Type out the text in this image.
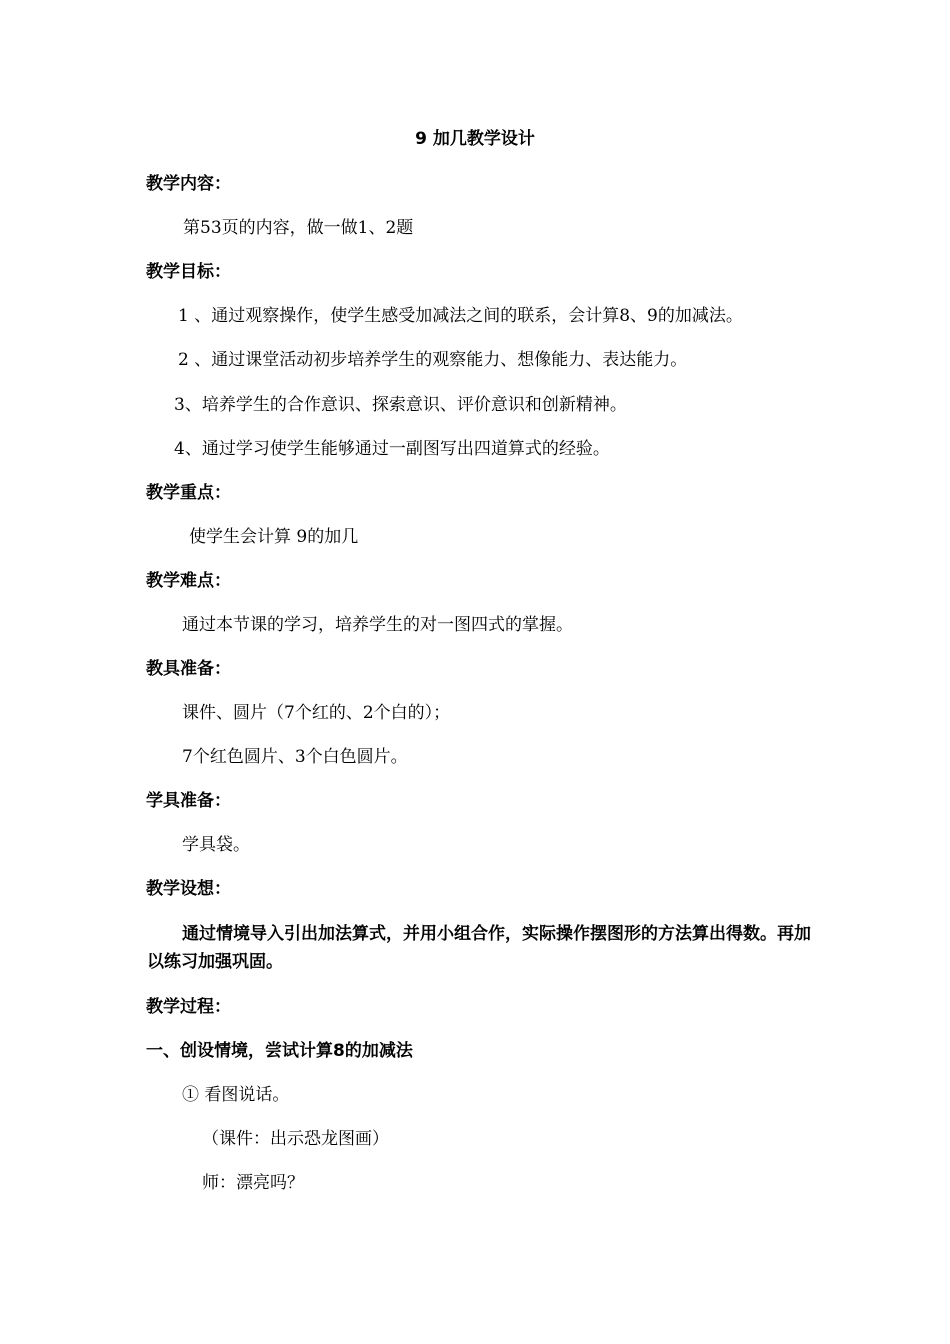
9 加几教学设计
教学内容：
第53页的内容，做一做1、2题
教学目标：
1 、通过观察操作，使学生感受加减法之间的联系，会计算8、9的加减法。
2 、通过课堂活动初步培养学生的观察能力、想像能力、表达能力。
3、培养学生的合作意识、探索意识、评价意识和创新精神。
4、通过学习使学生能够通过一副图写出四道算式的经验。
教学重点：
使学生会计算 9的加几
教学难点：
通过本节课的学习，培养学生的对一图四式的掌握。
教具准备：
课件、圆片（7个红的、2个白的）；
7个红色圆片、3个白色圆片。
学具准备：
学具袋。
教学设想：
通过情境导入引出加法算式，并用小组合作，实际操作摆图形的方法算出得数。再加以练习加强巩固。
教学过程：
一、创设情境，尝试计算8的加减法
① 看图说话。
（课件：出示恐龙图画）
师：漂亮吗？
